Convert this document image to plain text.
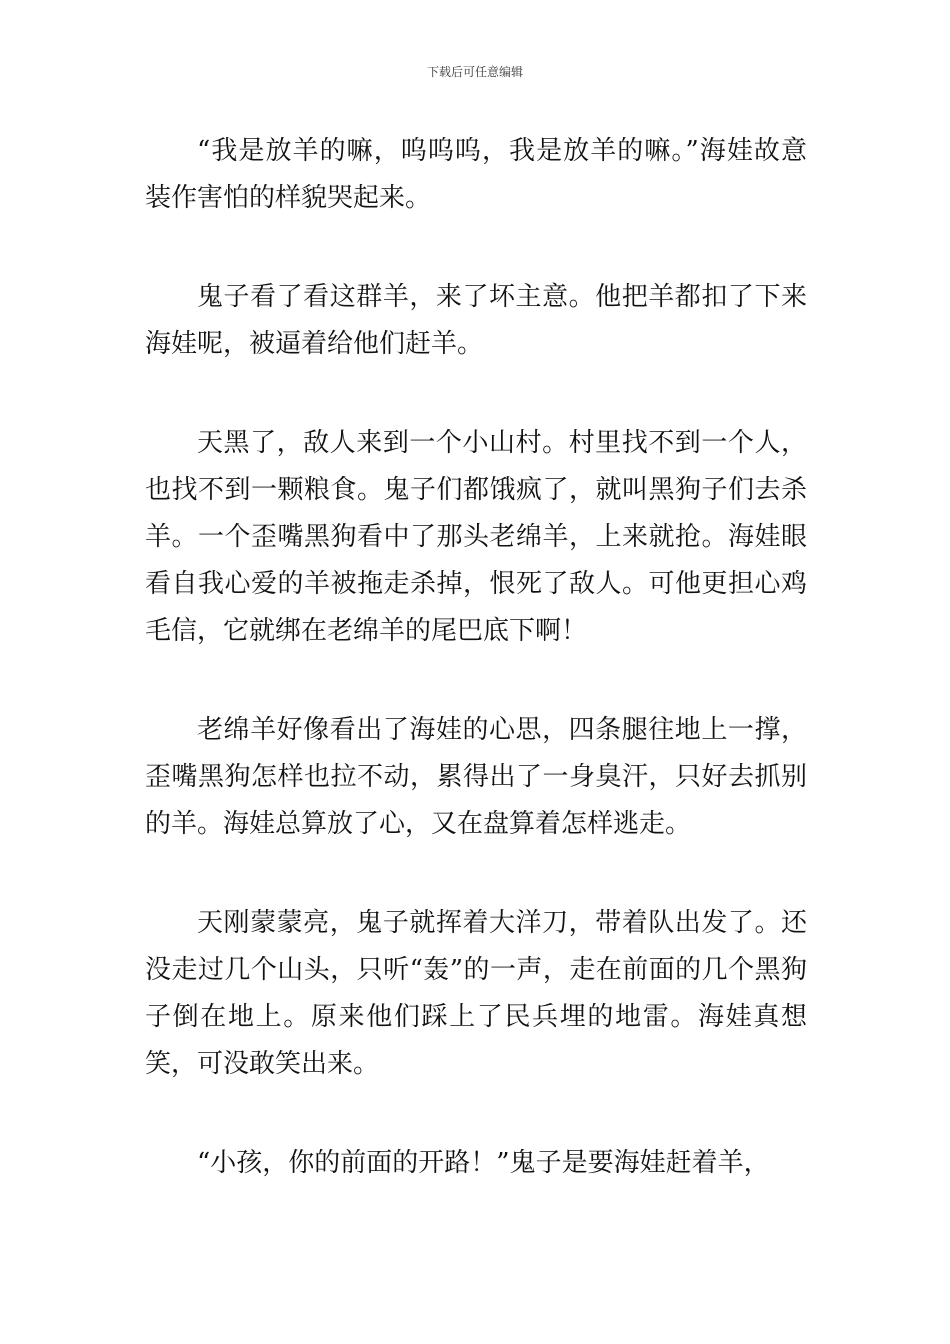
下载后可任意编辑

“我是放羊的嘛，呜呜呜，我是放羊的嘛。”海娃故意装作害怕的样貌哭起来。

鬼子看了看这群羊，来了坏主意。他把羊都扣了下来海娃呢，被逼着给他们赶羊。

天黑了，敌人来到一个小山村。村里找不到一个人，也找不到一颗粮食。鬼子们都饿疯了，就叫黑狗子们去杀羊。一个歪嘴黑狗看中了那头老绵羊，上来就抢。海娃眼看自我心爱的羊被拖走杀掉，恨死了敌人。可他更担心鸡毛信，它就绑在老绵羊的尾巴底下啊！

老绵羊好像看出了海娃的心思，四条腿往地上一撑，歪嘴黑狗怎样也拉不动，累得出了一身臭汗，只好去抓别的羊。海娃总算放了心，又在盘算着怎样逃走。

天刚蒙蒙亮，鬼子就挥着大洋刀，带着队出发了。还没走过几个山头，只听“轰”的一声，走在前面的几个黑狗子倒在地上。原来他们踩上了民兵埋的地雷。海娃真想笑，可没敢笑出来。

“小孩，你的前面的开路！”鬼子是要海娃赶着羊，
